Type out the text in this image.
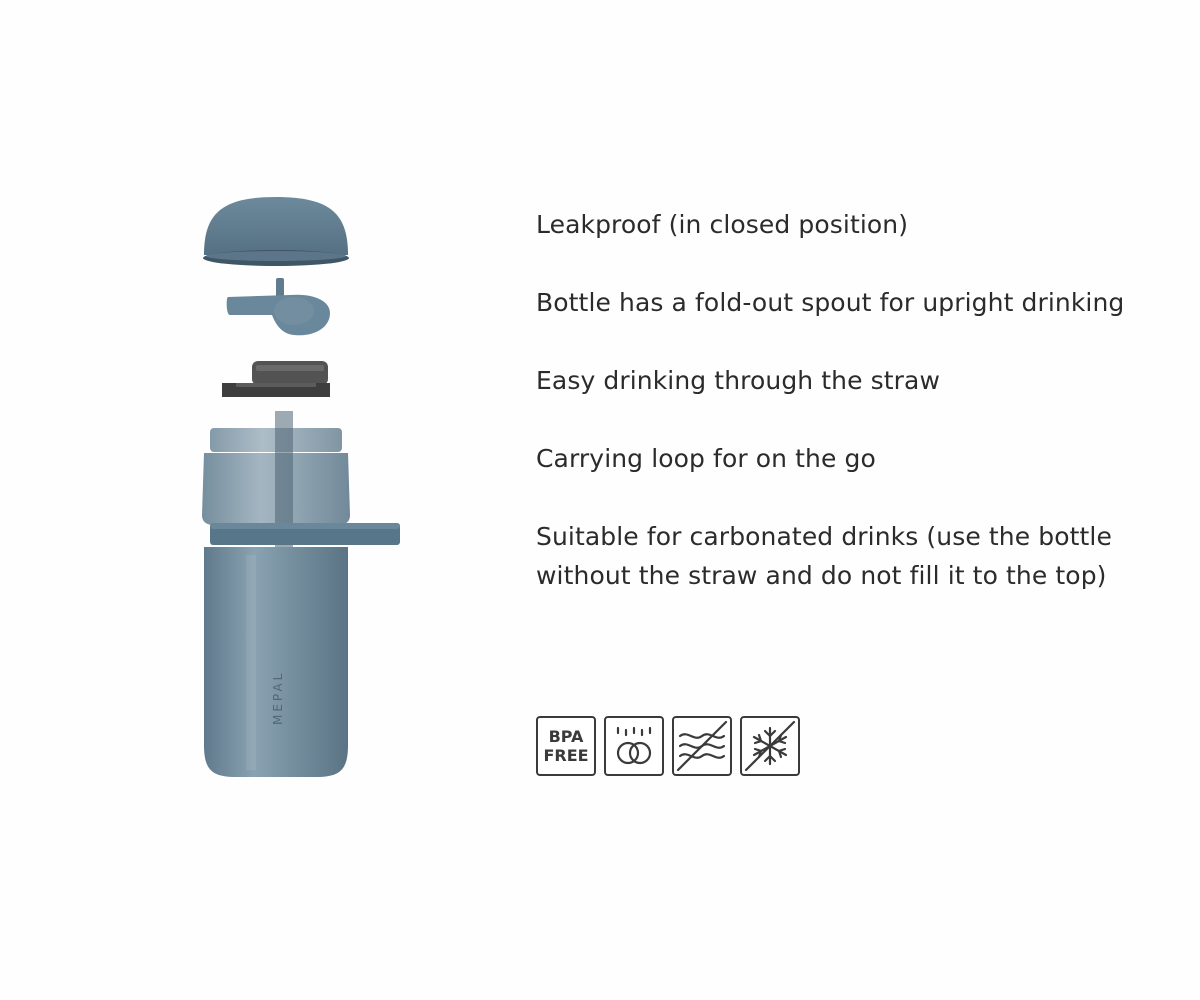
MEPAL
Leakproof (in closed position)
Bottle has a fold-out spout for upright drinking
Easy drinking through the straw
Carrying loop for on the go
Suitable for carbonated drinks (use the bottle
without the straw and do not fill it to the top)
BPA
FREE
